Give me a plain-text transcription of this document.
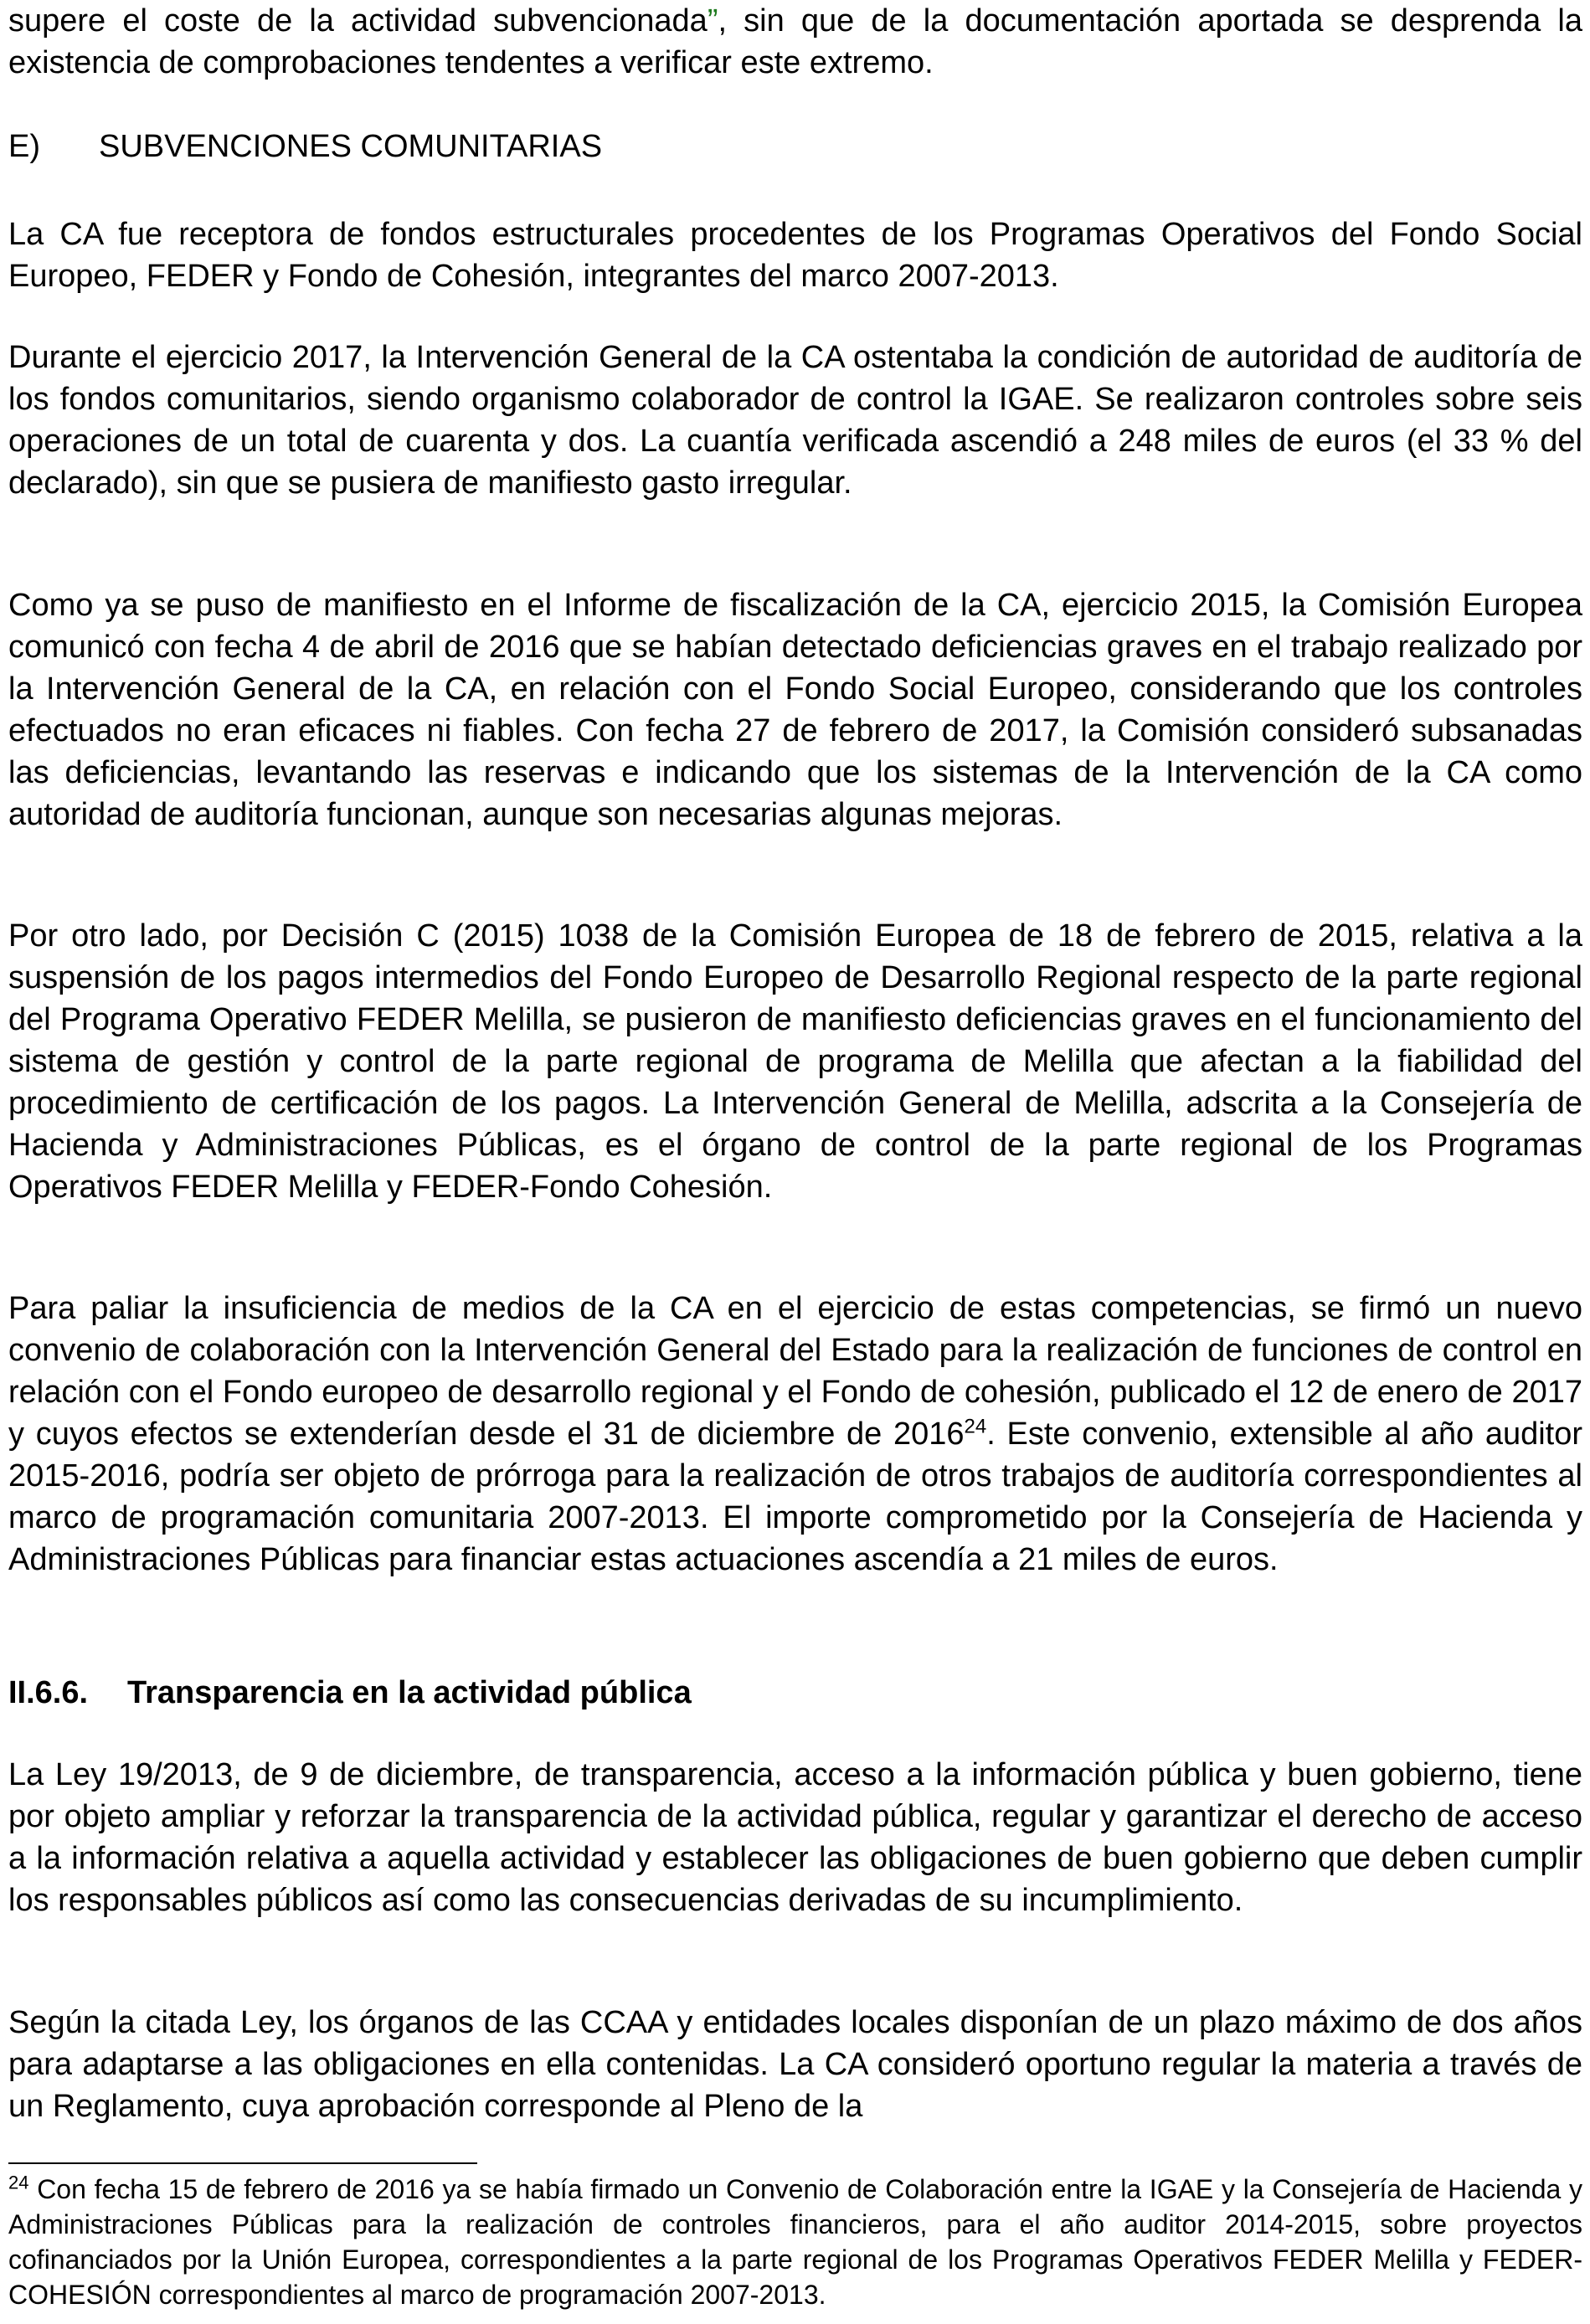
supere el coste de la actividad subvencionada”, sin que de la documentación aportada se desprenda la existencia de comprobaciones tendentes a verificar este extremo.

E) SUBVENCIONES COMUNITARIAS

La CA fue receptora de fondos estructurales procedentes de los Programas Operativos del Fondo Social Europeo, FEDER y Fondo de Cohesión, integrantes del marco 2007-2013.

Durante el ejercicio 2017, la Intervención General de la CA ostentaba la condición de autoridad de auditoría de los fondos comunitarios, siendo organismo colaborador de control la IGAE. Se realizaron controles sobre seis operaciones de un total de cuarenta y dos. La cuantía verificada ascendió a 248 miles de euros (el 33 % del declarado), sin que se pusiera de manifiesto gasto irregular.

Como ya se puso de manifiesto en el Informe de fiscalización de la CA, ejercicio 2015, la Comisión Europea comunicó con fecha 4 de abril de 2016 que se habían detectado deficiencias graves en el trabajo realizado por la Intervención General de la CA, en relación con el Fondo Social Europeo, considerando que los controles efectuados no eran eficaces ni fiables. Con fecha 27 de febrero de 2017, la Comisión consideró subsanadas las deficiencias, levantando las reservas e indicando que los sistemas de la Intervención de la CA como autoridad de auditoría funcionan, aunque son necesarias algunas mejoras.

Por otro lado, por Decisión C (2015) 1038 de la Comisión Europea de 18 de febrero de 2015, relativa a la suspensión de los pagos intermedios del Fondo Europeo de Desarrollo Regional respecto de la parte regional del Programa Operativo FEDER Melilla, se pusieron de manifiesto deficiencias graves en el funcionamiento del sistema de gestión y control de la parte regional de programa de Melilla que afectan a la fiabilidad del procedimiento de certificación de los pagos. La Intervención General de Melilla, adscrita a la Consejería de Hacienda y Administraciones Públicas, es el órgano de control de la parte regional de los Programas Operativos FEDER Melilla y FEDER-Fondo Cohesión.

Para paliar la insuficiencia de medios de la CA en el ejercicio de estas competencias, se firmó un nuevo convenio de colaboración con la Intervención General del Estado para la realización de funciones de control en relación con el Fondo europeo de desarrollo regional y el Fondo de cohesión, publicado el 12 de enero de 2017 y cuyos efectos se extenderían desde el 31 de diciembre de 2016$^{24}$. Este convenio, extensible al año auditor 2015-2016, podría ser objeto de prórroga para la realización de otros trabajos de auditoría correspondientes al marco de programación comunitaria 2007-2013. El importe comprometido por la Consejería de Hacienda y Administraciones Públicas para financiar estas actuaciones ascendía a 21 miles de euros.

II.6.6. Transparencia en la actividad pública

La Ley 19/2013, de 9 de diciembre, de transparencia, acceso a la información pública y buen gobierno, tiene por objeto ampliar y reforzar la transparencia de la actividad pública, regular y garantizar el derecho de acceso a la información relativa a aquella actividad y establecer las obligaciones de buen gobierno que deben cumplir los responsables públicos así como las consecuencias derivadas de su incumplimiento.

Según la citada Ley, los órganos de las CCAA y entidades locales disponían de un plazo máximo de dos años para adaptarse a las obligaciones en ella contenidas. La CA consideró oportuno regular la materia a través de un Reglamento, cuya aprobación corresponde al Pleno de la

$^{24}$ Con fecha 15 de febrero de 2016 ya se había firmado un Convenio de Colaboración entre la IGAE y la Consejería de Hacienda y Administraciones Públicas para la realización de controles financieros, para el año auditor 2014-2015, sobre proyectos cofinanciados por la Unión Europea, correspondientes a la parte regional de los Programas Operativos FEDER Melilla y FEDER-COHESIÓN correspondientes al marco de programación 2007-2013.
